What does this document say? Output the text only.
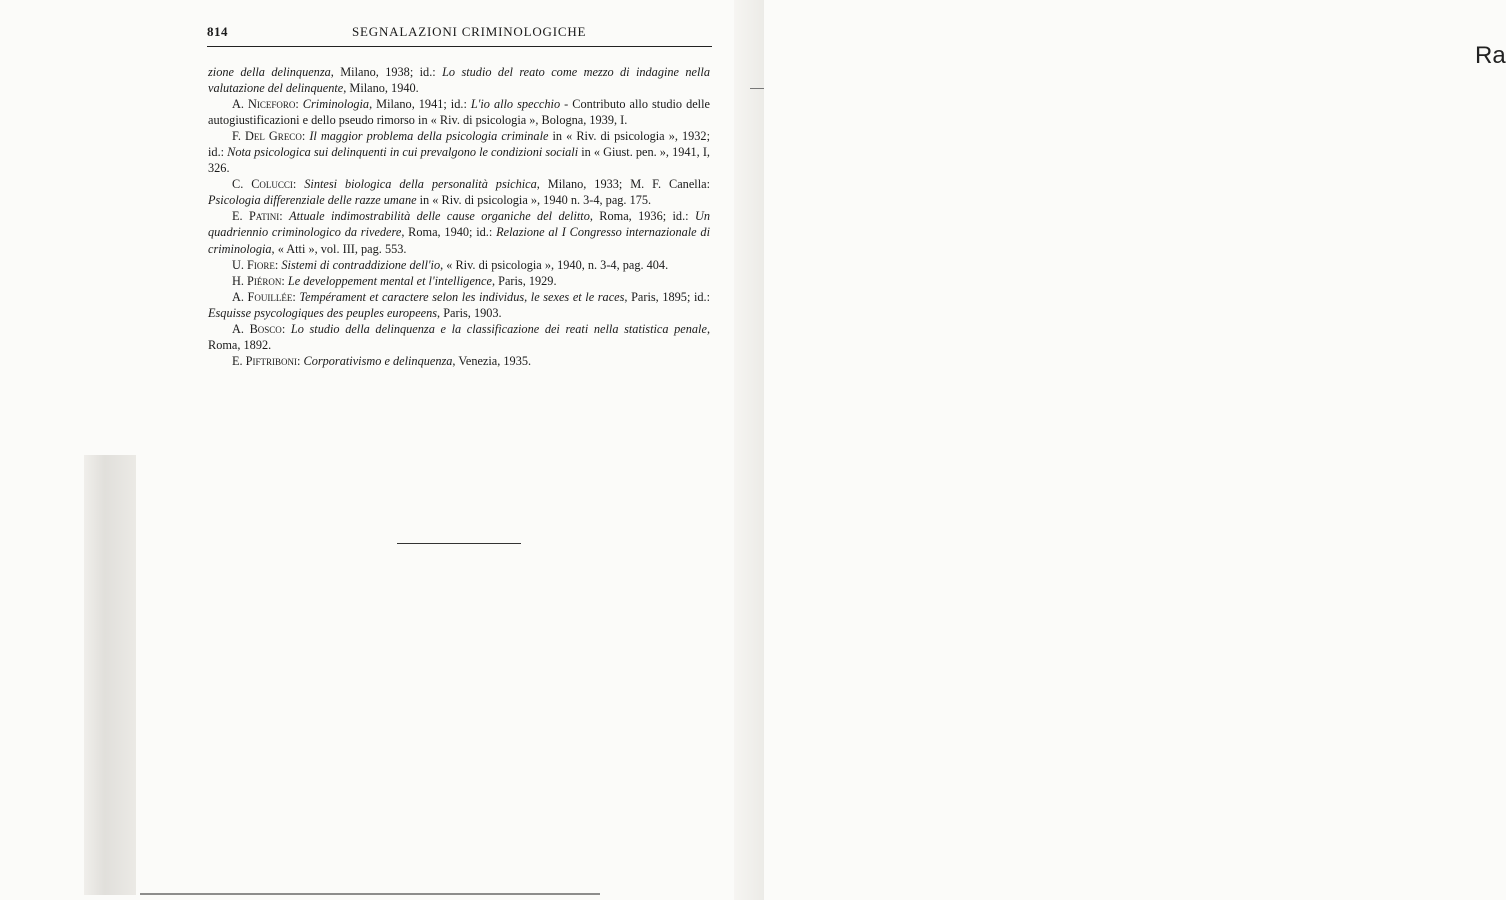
Ra
814	SEGNALAZIONI CRIMINOLOGICHE

zione della delinquenza, Milano, 1938; id.: Lo studio del reato come mezzo di indagine nella valutazione del delinquente, Milano, 1940.

A. Niceforo: Criminologia, Milano, 1941; id.: L'io allo specchio - Contributo allo studio delle autogiustificazioni e dello pseudo rimorso in « Riv. di psicologia », Bologna, 1939, I.

F. Del Greco: Il maggior problema della psicologia criminale in « Riv. di psicologia », 1932; id.: Nota psicologica sui delinquenti in cui prevalgono le condizioni sociali in « Giust. pen. », 1941, I, 326.

C. Colucci: Sintesi biologica della personalità psichica, Milano, 1933; M. F. Canella: Psicologia differenziale delle razze umane in « Riv. di psicologia », 1940 n. 3-4, pag. 175.

E. Patini: Attuale indimostrabilità delle cause organiche del delitto, Roma, 1936; id.: Un quadriennio criminologico da rivedere, Roma, 1940; id.: Relazione al I Congresso internazionale di criminologia, « Atti », vol. III, pag. 553.

U. Fiore: Sistemi di contraddizione dell'io, « Riv. di psicologia », 1940, n. 3-4, pag. 404.

H. Piéron: Le developpement mental et l'intelligence, Paris, 1929.

A. Fouillée: Tempérament et caractere selon les individus, le sexes et le races, Paris, 1895; id.: Esquisse psycologiques des peuples europeens, Paris, 1903.

A. Bosco: Lo studio della delinquenza e la classificazione dei reati nella statistica penale, Roma, 1892.

E. Piftriboni: Corporativismo e delinquenza, Venezia, 1935.
